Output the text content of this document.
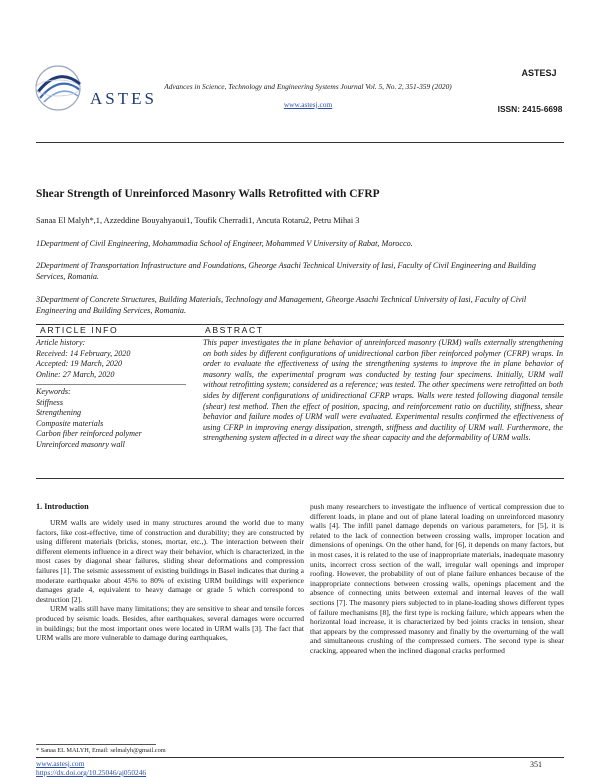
ASTES
Advances in Science, Technology and Engineering Systems Journal Vol. 5, No. 2, 351-359 (2020)
www.astesj.com
ASTESJ
ISSN: 2415-6698
Shear Strength of Unreinforced Masonry Walls Retrofitted with CFRP
Sanaa El Malyh*,1, Azzeddine Bouyahyaoui1, Toufik Cherradi1, Ancuta Rotaru2, Petru Mihai 3
1Department of Civil Engineering, Mohammadia School of Engineer, Mohammed V University of Rabat, Morocco.
2Department of Transportation Infrastructure and Foundations, Gheorge Asachi Technical University of Iasi, Faculty of Civil Engineering and Building Services, Romania.
3Department of Concrete Structures, Building Materials, Technology and Management, Gheorge Asachi Technical University of Iasi, Faculty of Civil Engineering and Building Services, Romania.
ARTICLE INFO	ABSTRACT
Article history:
Received: 14 February, 2020
Accepted: 19 March, 2020
Online: 27 March, 2020
Keywords:
Stiffness
Strengthening
Composite materials
Carbon fiber reinforced polymer
Unreinforced masonry wall
This paper investigates the in plane behavior of unreinforced masonry (URM) walls externally strengthening on both sides by different configurations of unidirectional carbon fiber reinforced polymer (CFRP) wraps. In order to evaluate the effectiveness of using the strengthening systems to improve the in plane behavior of masonry walls, the experimental program was conducted by testing four specimens. Initially, URM wall without retrofitting system; considered as a reference; was tested. The other specimens were retrofitted on both sides by different configurations of unidirectional CFRP wraps. Walls were tested following diagonal tensile (shear) test method. Then the effect of position, spacing, and reinforcement ratio on ductility, stiffness, shear behavior and failure modes of URM wall were evaluated. Experimental results confirmed the effectiveness of using CFRP in improving energy dissipation, strength, stiffness and ductility of URM wall. Furthermore, the strengthening system affected in a direct way the shear capacity and the deformability of URM walls.
1. Introduction

URM walls are widely used in many structures around the world due to many factors, like cost-effective, time of construction and durability; they are constructed by using different materials (bricks, stones, mortar, etc.,). The interaction between their different elements influence in a direct way their behavior, which is characterized, in the most cases by diagonal shear failures, sliding shear deformations and compression failures [1]. The seismic assessment of existing buildings in Basel indicates that during a moderate earthquake about 45% to 80% of existing URM buildings will experience damages grade 4, equivalent to heavy damage or grade 5 which correspond to destruction [2].

URM walls still have many limitations; they are sensitive to shear and tensile forces produced by seismic loads. Besides, after earthquakes, several damages were occurred in buildings; but the most important ones were located in URM walls [3]. The fact that URM walls are more vulnerable to damage during earthquakes,

push many researchers to investigate the influence of vertical compression due to different loads, in plane and out of plane lateral loading on unreinforced masonry walls [4]. The infill panel damage depends on various parameters, for [5], it is related to the lack of connection between crossing walls, improper location and dimensions of openings. On the other hand, for [6], it depends on many factors, but in most cases, it is related to the use of inappropriate materials, inadequate masonry units, incorrect cross section of the wall, irregular wall openings and improper roofing. However, the probability of out of plane failure enhances because of the inappropriate connections between crossing walls, openings placement and the absence of connecting units between external and internal leaves of the wall sections [7]. The masonry piers subjected to in plane-loading shows different types of failure mechanisms [8], the first type is rocking failure, which appears when the horizontal load increase, it is characterized by bed joints cracks in tension, shear that appears by the compressed masonry and finally by the overturning of the wall and simultaneous crushing of the compressed corners. The second type is shear cracking, appeared when the inclined diagonal cracks performed

* Sanaa EL MALYH, Email: selmalyh@gmail.com
www.astesj.com
https://dx.doi.org/10.25046/aj050246
351
